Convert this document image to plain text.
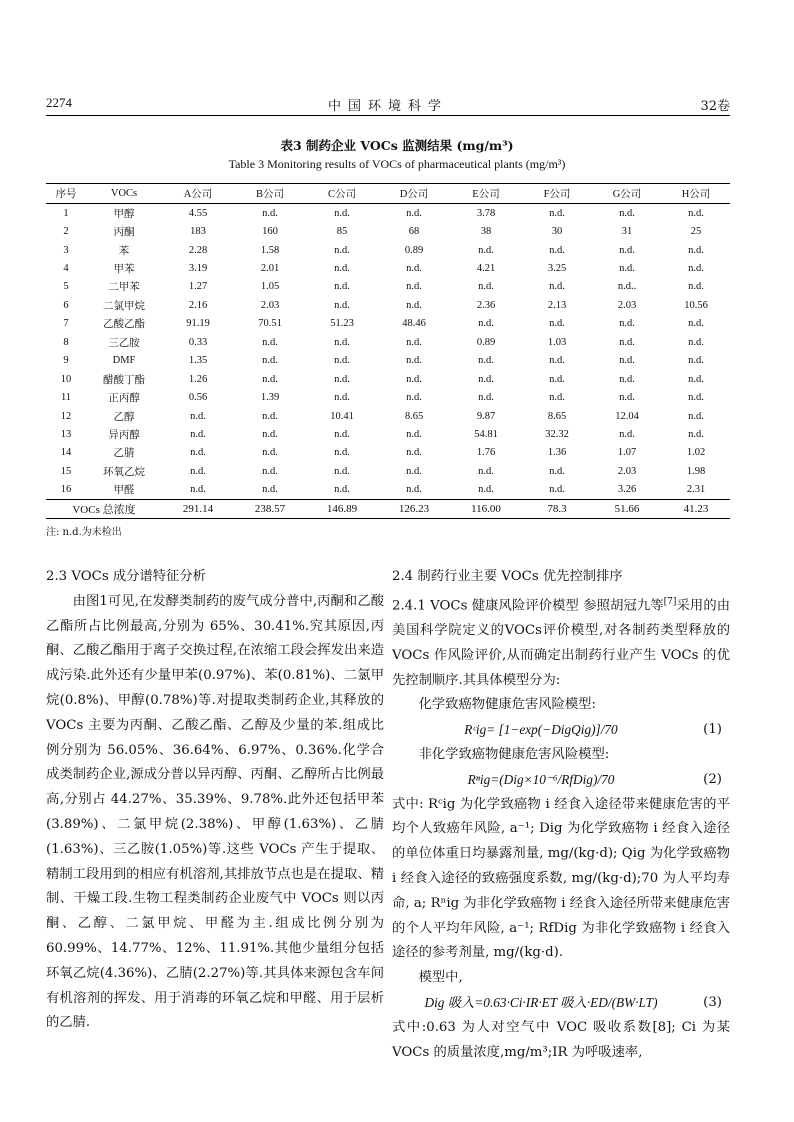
2274	中国环境科学	32卷
表3 制药企业 VOCs 监测结果 (mg/m³)
Table 3 Monitoring results of VOCs of pharmaceutical plants (mg/m³)
序号	VOCs	A公司	B公司	C公司	D公司	E公司	F公司	G公司	H公司
1	甲醇	4.55	n.d.	n.d.	n.d.	3.78	n.d.	n.d.	n.d.
2	丙酮	183	160	85	68	38	30	31	25
3	苯	2.28	1.58	n.d.	0.89	n.d.	n.d.	n.d.	n.d.
4	甲苯	3.19	2.01	n.d.	n.d.	4.21	3.25	n.d.	n.d.
5	二甲苯	1.27	1.05	n.d.	n.d.	n.d.	n.d.	n.d..	n.d.
6	二氯甲烷	2.16	2.03	n.d.	n.d.	2.36	2.13	2.03	10.56
7	乙酸乙酯	91.19	70.51	51.23	48.46	n.d.	n.d.	n.d.	n.d.
8	三乙胺	0.33	n.d.	n.d.	n.d.	0.89	1.03	n.d.	n.d.
9	DMF	1.35	n.d.	n.d.	n.d.	n.d.	n.d.	n.d.	n.d.
10	醋酸丁酯	1.26	n.d.	n.d.	n.d.	n.d.	n.d.	n.d.	n.d.
11	正丙醇	0.56	1.39	n.d.	n.d.	n.d.	n.d.	n.d.	n.d.
12	乙醇	n.d.	n.d.	10.41	8.65	9.87	8.65	12.04	n.d.
13	异丙醇	n.d.	n.d.	n.d.	n.d.	54.81	32.32	n.d.	n.d.
14	乙腈	n.d.	n.d.	n.d.	n.d.	1.76	1.36	1.07	1.02
15	环氧乙烷	n.d.	n.d.	n.d.	n.d.	n.d.	n.d.	2.03	1.98
16	甲醛	n.d.	n.d.	n.d.	n.d.	n.d.	n.d.	3.26	2.31
VOCs 总浓度		291.14	238.57	146.89	126.23	116.00	78.3	51.66	41.23
注: n.d.为未检出

2.3 VOCs 成分谱特征分析

由图1可见,在发酵类制药的废气成分普中,丙酮和乙酸乙酯所占比例最高,分别为 65%、30.41%.究其原因,丙酮、乙酸乙酯用于离子交换过程,在浓缩工段会挥发出来造成污染.此外还有少量甲苯(0.97%)、苯(0.81%)、二氯甲烷(0.8%)、甲醇(0.78%)等.对提取类制药企业,其释放的 VOCs 主要为丙酮、乙酸乙酯、乙醇及少量的苯.组成比例分别为 56.05%、36.64%、6.97%、0.36%.化学合成类制药企业,源成分普以异丙醇、丙酮、乙醇所占比例最高,分别占 44.27%、35.39%、9.78%.此外还包括甲苯(3.89%)、二氯甲烷(2.38%)、甲醇(1.63%)、乙腈(1.63%)、三乙胺(1.05%)等.这些 VOCs 产生于提取、精制工段用到的相应有机溶剂,其排放节点也是在提取、精制、干燥工段.生物工程类制药企业废气中 VOCs 则以丙酮、乙醇、二氯甲烷、甲醛为主.组成比例分别为 60.99%、14.77%、12%、11.91%.其他少量组分包括环氧乙烷(4.36%)、乙腈(2.27%)等.其具体来源包含车间有机溶剂的挥发、用于消毒的环氧乙烷和甲醛、用于层析的乙腈.

2.4 制药行业主要 VOCs 优先控制排序

2.4.1 VOCs 健康风险评价模型 参照胡冠九等[7]采用的由美国科学院定义的VOCs评价模型,对各制药类型释放的 VOCs 作风险评价,从而确定出制药行业产生 VOCs 的优先控制顺序.其具体模型分为:

化学致癌物健康危害风险模型:

Rᶜig= [1−exp(−DigQig)]/70	(1)

非化学致癌物健康危害风险模型:

Rⁿig=(Dig×10⁻⁶/RfDig)/70	(2)

式中: Rᶜig 为化学致癌物 i 经食入途径带来健康危害的平均个人致癌年风险, a⁻¹; Dig 为化学致癌物 i 经食入途径的单位体重日均暴露剂量, mg/(kg·d); Qig 为化学致癌物 i 经食入途径的致癌强度系数, mg/(kg·d);70 为人平均寿命, a; Rⁿig 为非化学致癌物 i 经食入途径所带来健康危害的个人平均年风险, a⁻¹; RfDig 为非化学致癌物 i 经食入途径的参考剂量, mg/(kg·d).

模型中,

Dig 吸入=0.63·Ci·IR·ET 吸入·ED/(BW·LT)	(3)

式中:0.63 为人对空气中 VOC 吸收系数[8]; Ci 为某 VOCs 的质量浓度,mg/m³;IR 为呼吸速率,
